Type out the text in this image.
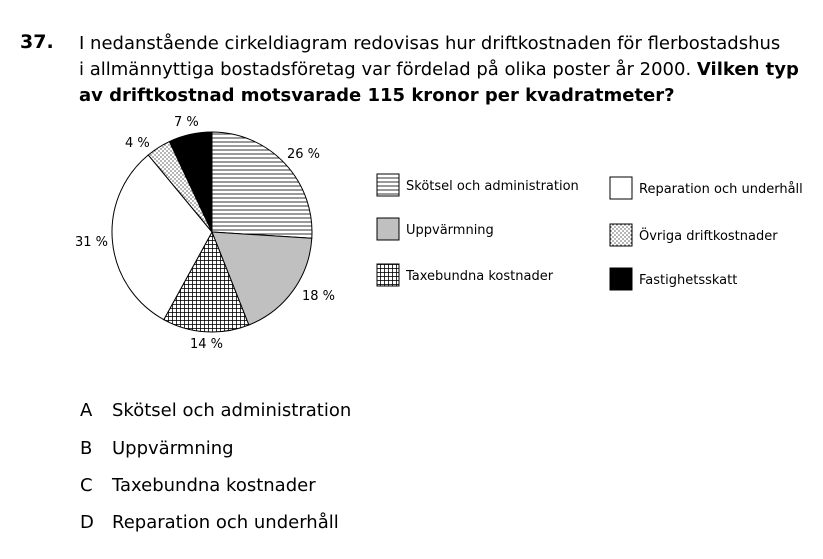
37. I nedanstående cirkeldiagram redovisas hur driftkostnaden för flerbostadshus
i allmännyttiga bostadsföretag var fördelad på olika poster år 2000. Vilken typ
av driftkostnad motsvarade 115 kronor per kvadratmeter?
26 %
18 %
14 %
31 %
4 %
7 %
Skötsel och administration
Uppvärmning
Taxebundna kostnader
Reparation och underhåll
Övriga driftkostnader
Fastighetsskatt
A Skötsel och administration
B Uppvärmning
C Taxebundna kostnader
D Reparation och underhåll
